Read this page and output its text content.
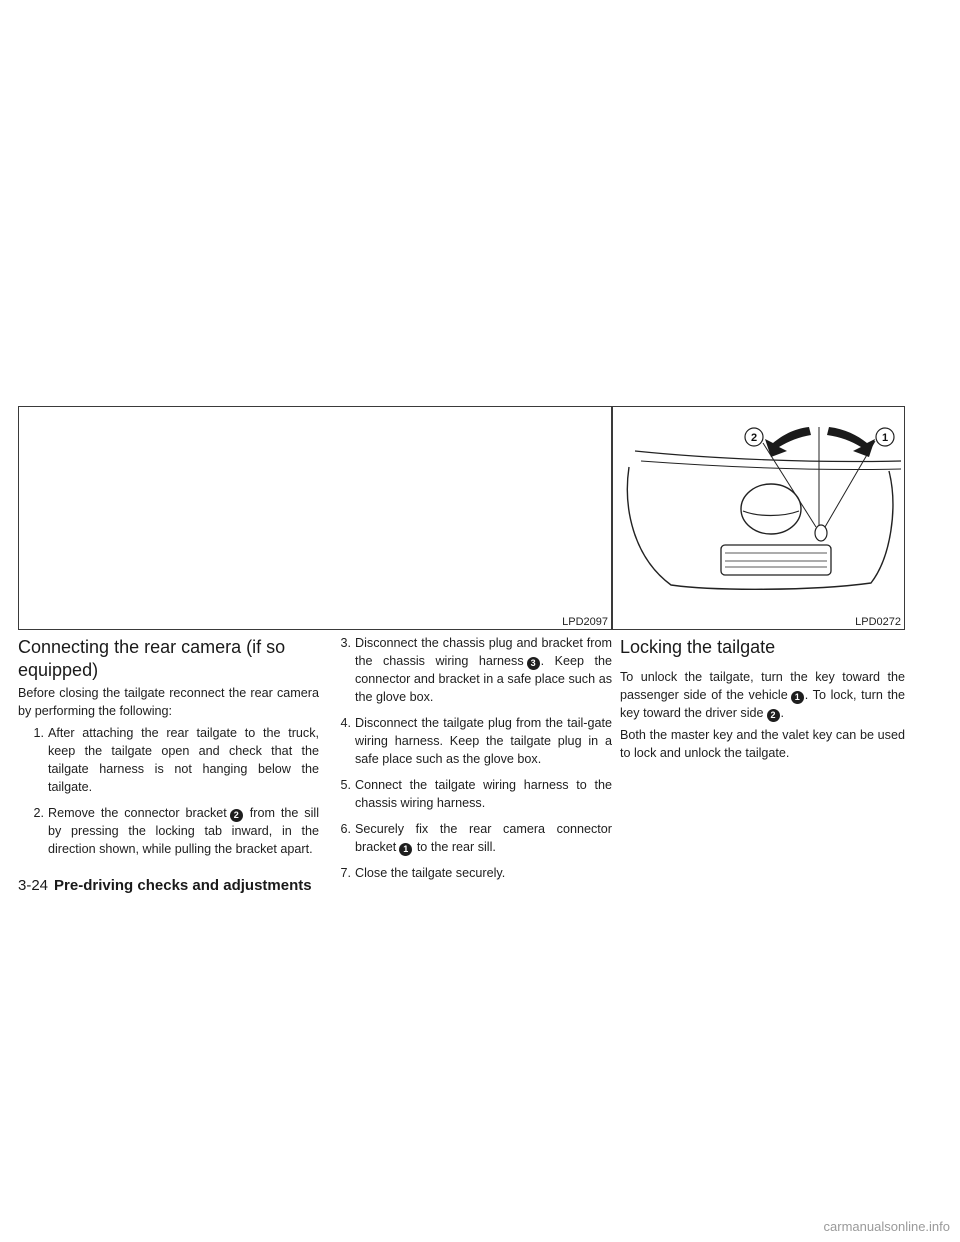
LPD2097
2	1
LPD0272
Connecting the rear camera (if so equipped)

Before closing the tailgate reconnect the rear camera by performing the following:

1. After attaching the rear tailgate to the truck, keep the tailgate open and check that the tailgate harness is not hanging below the tailgate.
2. Remove the connector bracket 2 from the sill by pressing the locking tab inward, in the direction shown, while pulling the bracket apart.
3. Disconnect the chassis plug and bracket from the chassis wiring harness 3 . Keep the connector and bracket in a safe place such as the glove box.
4. Disconnect the tailgate plug from the tail-gate wiring harness. Keep the tailgate plug in a safe place such as the glove box.
5. Connect the tailgate wiring harness to the chassis wiring harness.
6. Securely fix the rear camera connector bracket 1 to the rear sill.
7. Close the tailgate securely.
Locking the tailgate

To unlock the tailgate, turn the key toward the passenger side of the vehicle 1 . To lock, turn the key toward the driver side 2 .

Both the master key and the valet key can be used to lock and unlock the tailgate.

3-24 Pre-driving checks and adjustments
carmanualsonline.info
